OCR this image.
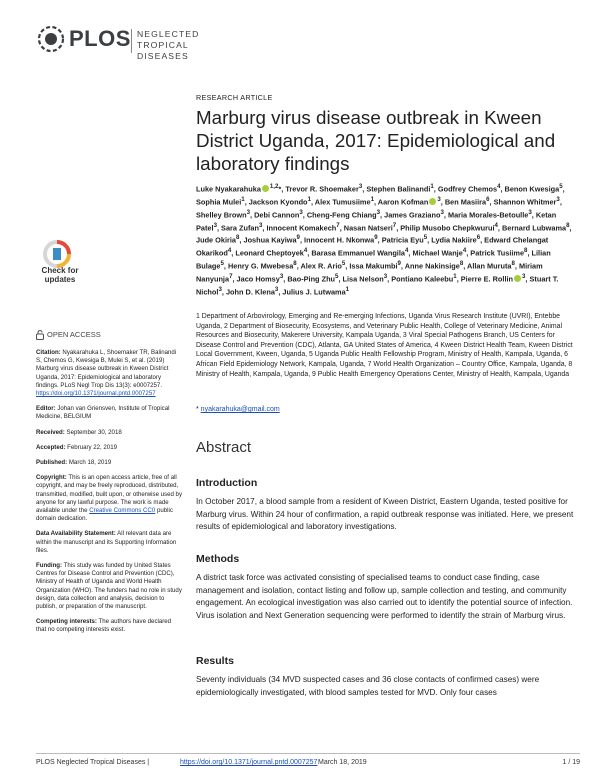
PLOS NEGLECTED
TROPICAL DISEASES
Check for
updates
OPEN ACCESS

Citation: Nyakarahuka L, Shoemaker TR, Balinandi S, Chemos G, Kwesiga B, Mulei S, et al. (2019) Marburg virus disease outbreak in Kween District Uganda, 2017: Epidemiological and laboratory findings. PLoS Negl Trop Dis 13(3): e0007257. https://doi.org/10.1371/journal.pntd.0007257

Editor: Johan van Griensven, Institute of Tropical Medicine, BELGIUM

Received: September 30, 2018

Accepted: February 22, 2019

Published: March 18, 2019

Copyright: This is an open access article, free of all copyright, and may be freely reproduced, distributed, transmitted, modified, built upon, or otherwise used by anyone for any lawful purpose. The work is made available under the Creative Commons CC0 public domain dedication.

Data Availability Statement: All relevant data are within the manuscript and its Supporting Information files.

Funding: This study was funded by United States Centres for Disease Control and Prevention (CDC), Ministry of Health of Uganda and World Health Organization (WHO). The funders had no role in study design, data collection and analysis, decision to publish, or preparation of the manuscript.

Competing interests: The authors have declared that no competing interests exist.

RESEARCH ARTICLE
Marburg virus disease outbreak in Kween District Uganda, 2017: Epidemiological and laboratory findings
Luke Nyakarahuka $^{1,2}$*, Trevor R. Shoemaker$^3$, Stephen Balinandi$^1$, Godfrey Chemos$^4$, Benon Kwesiga$^5$, Sophia Mulei$^1$, Jackson Kyondo$^1$, Alex Tumusiime$^1$, Aaron Kofman $^3$, Ben Masiira$^6$, Shannon Whitmer$^3$, Shelley Brown$^3$, Debi Cannon$^3$, Cheng-Feng Chiang$^3$, James Graziano$^3$, Maria Morales-Betoulle$^3$, Ketan Patel$^3$, Sara Zufan$^3$, Innocent Komakech$^7$, Nasan Natseri$^7$, Philip Musobo Chepkwurui$^4$, Bernard Lubwama$^8$, Jude Okiria$^8$, Joshua Kayiwa$^9$, Innocent H. Nkonwa$^9$, Patricia Eyu$^5$, Lydia Nakiire$^6$, Edward Chelangat Okarikod$^4$, Leonard Cheptoyek$^4$, Barasa Emmanuel Wangila$^4$, Michael Wanje$^4$, Patrick Tusiime$^8$, Lilian Bulage$^5$, Henry G. Mwebesa$^8$, Alex R. Ario$^5$, Issa Makumbi$^9$, Anne Nakinsige$^8$, Allan Muruta$^8$, Miriam Nanyunja$^7$, Jaco Homsy$^3$, Bao-Ping Zhu$^5$, Lisa Nelson$^3$, Pontiano Kaleebu$^1$, Pierre E. Rollin $^3$, Stuart T. Nichol$^3$, John D. Klena$^3$, Julius J. Lutwama$^1$
1 Department of Arbovirology, Emerging and Re-emerging Infections, Uganda Virus Research Institute (UVRI), Entebbe Uganda, 2 Department of Biosecurity, Ecosystems, and Veterinary Public Health, College of Veterinary Medicine, Animal Resources and Biosecurity, Makerere University, Kampala Uganda, 3 Viral Special Pathogens Branch, US Centers for Disease Control and Prevention (CDC), Atlanta, GA United States of America, 4 Kween District Health Team, Kween District Local Government, Kween, Uganda, 5 Uganda Public Health Fellowship Program, Ministry of Health, Kampala, Uganda, 6 African Field Epidemiology Network, Kampala, Uganda, 7 World Health Organization – Country Office, Kampala, Uganda, 8 Ministry of Health, Kampala, Uganda, 9 Public Health Emergency Operations Center, Ministry of Health, Kampala, Uganda
* nyakarahuka@gmail.com
Abstract
Introduction

In October 2017, a blood sample from a resident of Kween District, Eastern Uganda, tested positive for Marburg virus. Within 24 hour of confirmation, a rapid outbreak response was initiated. Here, we present results of epidemiological and laboratory investigations.

Methods

A district task force was activated consisting of specialised teams to conduct case finding, case management and isolation, contact listing and follow up, sample collection and testing, and community engagement. An ecological investigation was also carried out to identify the potential source of infection. Virus isolation and Next Generation sequencing were performed to identify the strain of Marburg virus.

Results

Seventy individuals (34 MVD suspected cases and 36 close contacts of confirmed cases) were epidemiologically investigated, with blood samples tested for MVD. Only four cases

PLOS Neglected Tropical Diseases |	https://doi.org/10.1371/journal.pntd.0007257 March 18, 2019	1 / 19
